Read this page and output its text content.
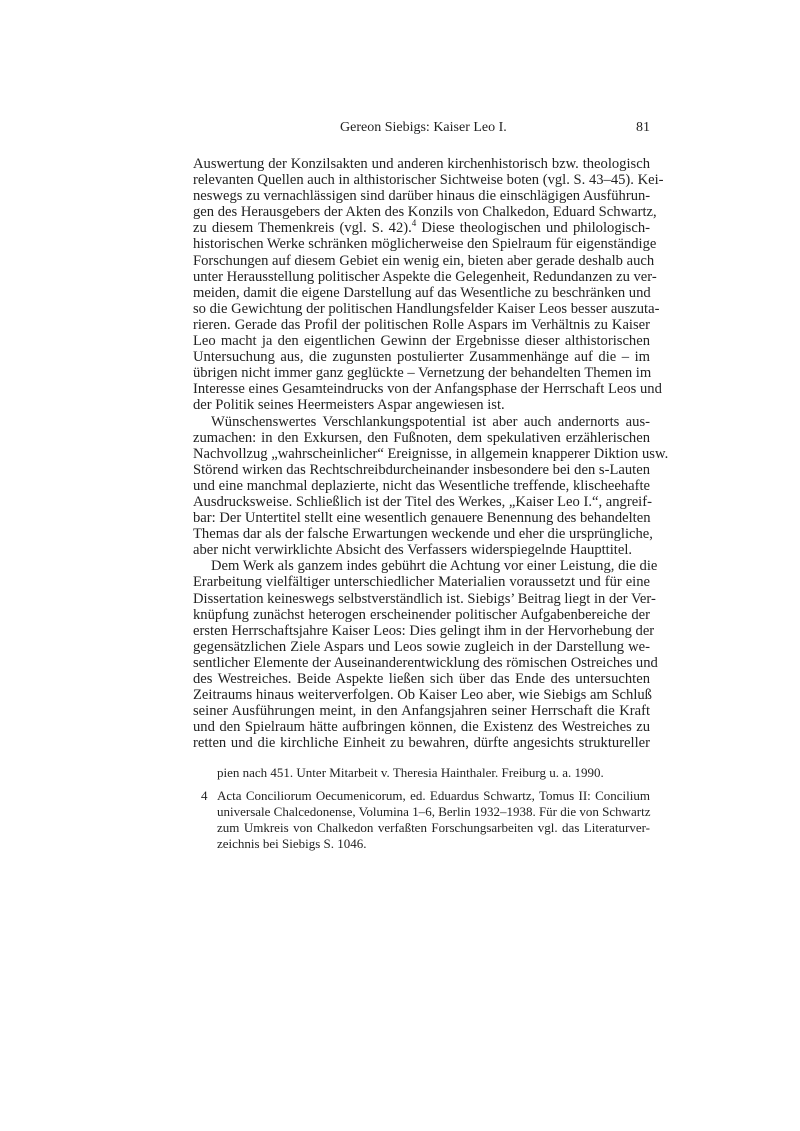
Gereon Siebigs: Kaiser Leo I.	81
Auswertung der Konzilsakten und anderen kirchenhistorisch bzw. theologisch
relevanten Quellen auch in althistorischer Sichtweise boten (vgl. S. 43–45). Kei-
neswegs zu vernachlässigen sind darüber hinaus die einschlägigen Ausführun-
gen des Herausgebers der Akten des Konzils von Chalkedon, Eduard Schwartz,
zu diesem Themenkreis (vgl. S. 42).$^4$ Diese theologischen und philologisch-
historischen Werke schränken möglicherweise den Spielraum für eigenständige
Forschungen auf diesem Gebiet ein wenig ein, bieten aber gerade deshalb auch
unter Herausstellung politischer Aspekte die Gelegenheit, Redundanzen zu ver-
meiden, damit die eigene Darstellung auf das Wesentliche zu beschränken und
so die Gewichtung der politischen Handlungsfelder Kaiser Leos besser auszuta-
rieren. Gerade das Profil der politischen Rolle Aspars im Verhältnis zu Kaiser
Leo macht ja den eigentlichen Gewinn der Ergebnisse dieser althistorischen
Untersuchung aus, die zugunsten postulierter Zusammenhänge auf die – im
übrigen nicht immer ganz geglückte – Vernetzung der behandelten Themen im
Interesse eines Gesamteindrucks von der Anfangsphase der Herrschaft Leos und
der Politik seines Heermeisters Aspar angewiesen ist.
Wünschenswertes Verschlankungspotential ist aber auch andernorts aus-
zumachen: in den Exkursen, den Fußnoten, dem spekulativen erzählerischen
Nachvollzug „wahrscheinlicher“ Ereignisse, in allgemein knapperer Diktion usw.
Störend wirken das Rechtschreibdurcheinander insbesondere bei den s-Lauten
und eine manchmal deplazierte, nicht das Wesentliche treffende, klischeehafte
Ausdrucksweise. Schließlich ist der Titel des Werkes, „Kaiser Leo I.“, angreif-
bar: Der Untertitel stellt eine wesentlich genauere Benennung des behandelten
Themas dar als der falsche Erwartungen weckende und eher die ursprüngliche,
aber nicht verwirklichte Absicht des Verfassers widerspiegelnde Haupttitel.
Dem Werk als ganzem indes gebührt die Achtung vor einer Leistung, die die
Erarbeitung vielfältiger unterschiedlicher Materialien voraussetzt und für eine
Dissertation keineswegs selbstverständlich ist. Siebigs’ Beitrag liegt in der Ver-
knüpfung zunächst heterogen erscheinender politischer Aufgabenbereiche der
ersten Herrschaftsjahre Kaiser Leos: Dies gelingt ihm in der Hervorhebung der
gegensätzlichen Ziele Aspars und Leos sowie zugleich in der Darstellung we-
sentlicher Elemente der Auseinanderentwicklung des römischen Ostreiches und
des Westreiches. Beide Aspekte ließen sich über das Ende des untersuchten
Zeitraums hinaus weiterverfolgen. Ob Kaiser Leo aber, wie Siebigs am Schluß
seiner Ausführungen meint, in den Anfangsjahren seiner Herrschaft die Kraft
und den Spielraum hätte aufbringen können, die Existenz des Westreiches zu
retten und die kirchliche Einheit zu bewahren, dürfte angesichts struktureller
pien nach 451. Unter Mitarbeit v. Theresia Hainthaler. Freiburg u. a. 1990.
4 Acta Conciliorum Oecumenicorum, ed. Eduardus Schwartz, Tomus II: Concilium
universale Chalcedonense, Volumina 1–6, Berlin 1932–1938. Für die von Schwartz
zum Umkreis von Chalkedon verfaßten Forschungsarbeiten vgl. das Literaturver-
zeichnis bei Siebigs S. 1046.
